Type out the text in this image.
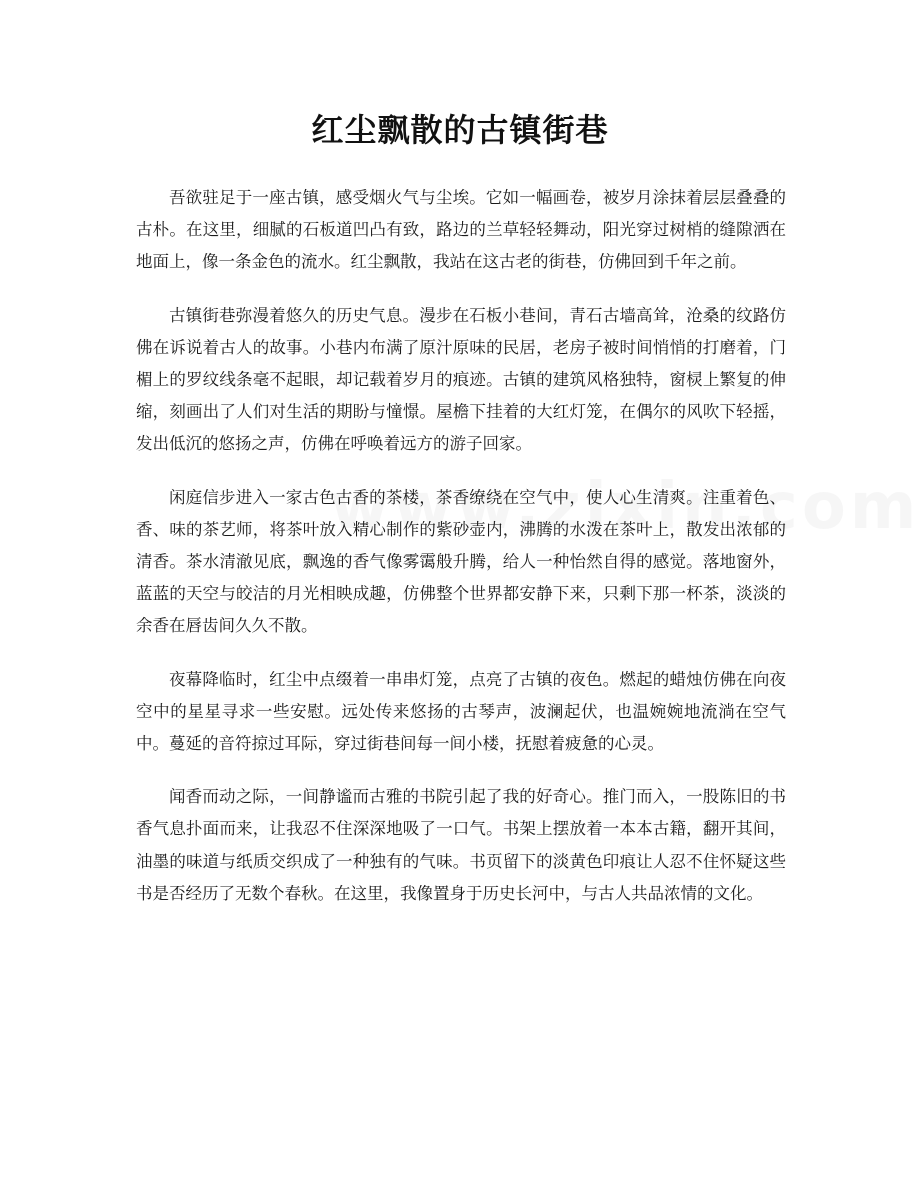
红尘飘散的古镇街巷

吾欲驻足于一座古镇，感受烟火气与尘埃。它如一幅画卷，被岁月涂抹着层层叠叠的古朴。在这里，细腻的石板道凹凸有致，路边的兰草轻轻舞动，阳光穿过树梢的缝隙洒在地面上，像一条金色的流水。红尘飘散，我站在这古老的街巷，仿佛回到千年之前。

古镇街巷弥漫着悠久的历史气息。漫步在石板小巷间，青石古墙高耸，沧桑的纹路仿佛在诉说着古人的故事。小巷内布满了原汁原味的民居，老房子被时间悄悄的打磨着，门楣上的罗纹线条毫不起眼，却记载着岁月的痕迹。古镇的建筑风格独特，窗棂上繁复的伸缩，刻画出了人们对生活的期盼与憧憬。屋檐下挂着的大红灯笼，在偶尔的风吹下轻摇，发出低沉的悠扬之声，仿佛在呼唤着远方的游子回家。

闲庭信步进入一家古色古香的茶楼，茶香缭绕在空气中，使人心生清爽。注重着色、香、味的茶艺师，将茶叶放入精心制作的紫砂壶内，沸腾的水泼在茶叶上，散发出浓郁的清香。茶水清澈见底，飘逸的香气像雾霭般升腾，给人一种怡然自得的感觉。落地窗外，蓝蓝的天空与皎洁的月光相映成趣，仿佛整个世界都安静下来，只剩下那一杯茶，淡淡的余香在唇齿间久久不散。

夜幕降临时，红尘中点缀着一串串灯笼，点亮了古镇的夜色。燃起的蜡烛仿佛在向夜空中的星星寻求一些安慰。远处传来悠扬的古琴声，波澜起伏，也温婉婉地流淌在空气中。蔓延的音符掠过耳际，穿过街巷间每一间小楼，抚慰着疲惫的心灵。

闻香而动之际，一间静谧而古雅的书院引起了我的好奇心。推门而入，一股陈旧的书香气息扑面而来，让我忍不住深深地吸了一口气。书架上摆放着一本本古籍，翻开其间，油墨的味道与纸质交织成了一种独有的气味。书页留下的淡黄色印痕让人忍不住怀疑这些书是否经历了无数个春秋。在这里，我像置身于历史长河中，与古人共品浓情的文化。
